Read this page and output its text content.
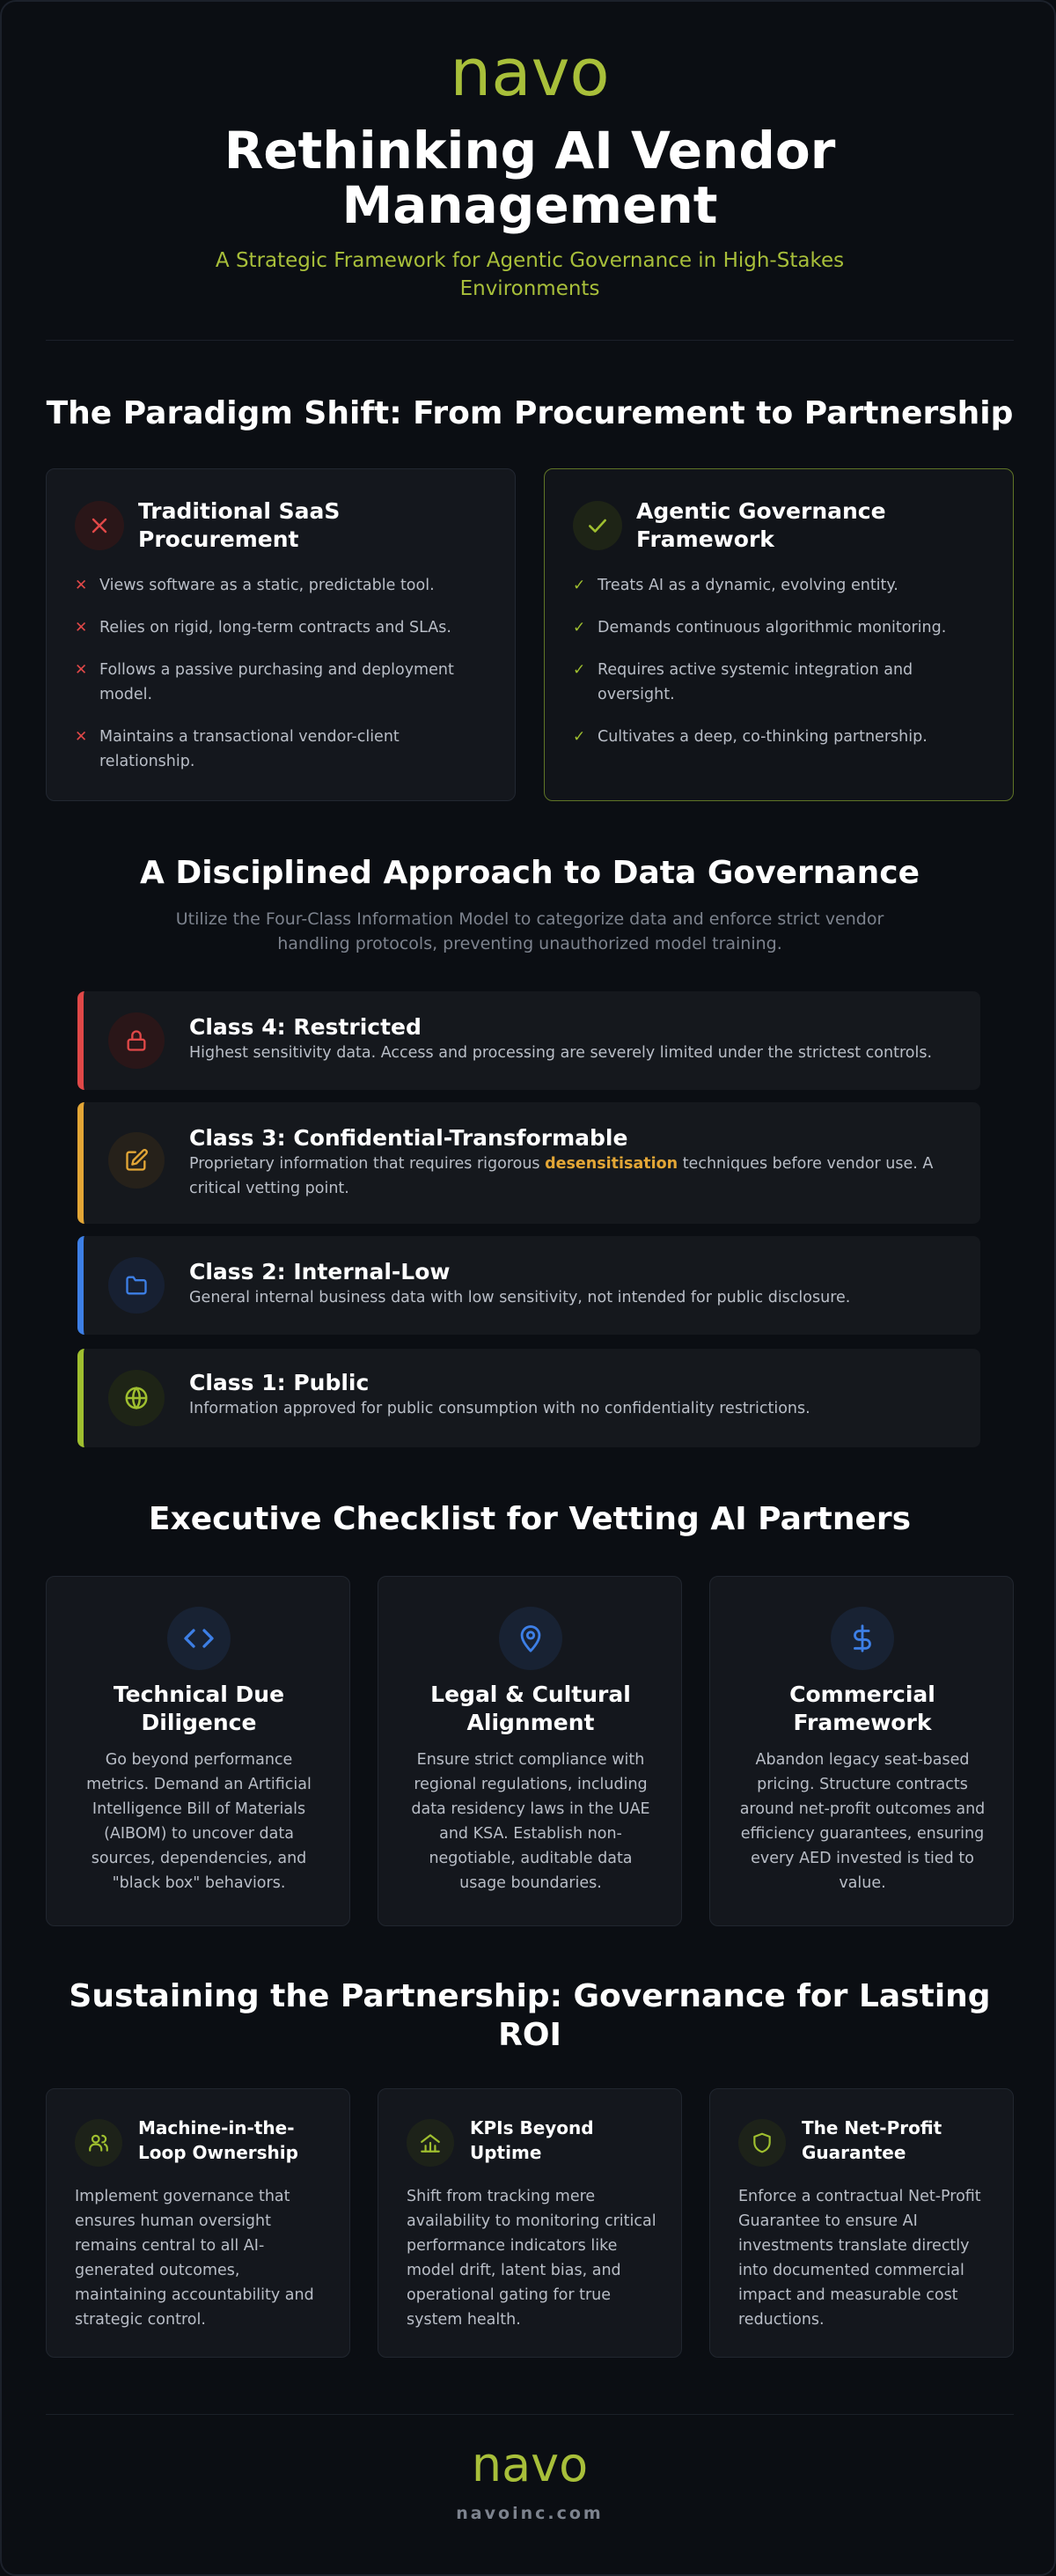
navo
Rethinking AI Vendor Management
A Strategic Framework for Agentic Governance in High-Stakes Environments
The Paradigm Shift: From Procurement to Partnership
Traditional SaaS Procurement
✕ Views software as a static, predictable tool.
✕ Relies on rigid, long-term contracts and SLAs.
✕ Follows a passive purchasing and deployment model.
✕ Maintains a transactional vendor-client relationship.
Agentic Governance Framework
✓ Treats AI as a dynamic, evolving entity.
✓ Demands continuous algorithmic monitoring.
✓ Requires active systemic integration and oversight.
✓ Cultivates a deep, co-thinking partnership.
A Disciplined Approach to Data Governance
Utilize the Four-Class Information Model to categorize data and enforce strict vendor handling protocols, preventing unauthorized model training.
Class 4: Restricted
Highest sensitivity data. Access and processing are severely limited under the strictest controls.
Class 3: Confidential-Transformable
Proprietary information that requires rigorous desensitisation techniques before vendor use. A critical vetting point.
Class 2: Internal-Low
General internal business data with low sensitivity, not intended for public disclosure.
Class 1: Public
Information approved for public consumption with no confidentiality restrictions.
Executive Checklist for Vetting AI Partners
Technical Due Diligence
Go beyond performance metrics. Demand an Artificial Intelligence Bill of Materials (AIBOM) to uncover data sources, dependencies, and "black box" behaviors.
Legal & Cultural Alignment
Ensure strict compliance with regional regulations, including data residency laws in the UAE and KSA. Establish non-negotiable, auditable data usage boundaries.
Commercial Framework
Abandon legacy seat-based pricing. Structure contracts around net-profit outcomes and efficiency guarantees, ensuring every AED invested is tied to value.
Sustaining the Partnership: Governance for Lasting ROI
Machine-in-the-Loop Ownership
Implement governance that ensures human oversight remains central to all AI-generated outcomes, maintaining accountability and strategic control.
KPIs Beyond Uptime
Shift from tracking mere availability to monitoring critical performance indicators like model drift, latent bias, and operational gating for true system health.
The Net-Profit Guarantee
Enforce a contractual Net-Profit Guarantee to ensure AI investments translate directly into documented commercial impact and measurable cost reductions.
navo
navoinc.com
